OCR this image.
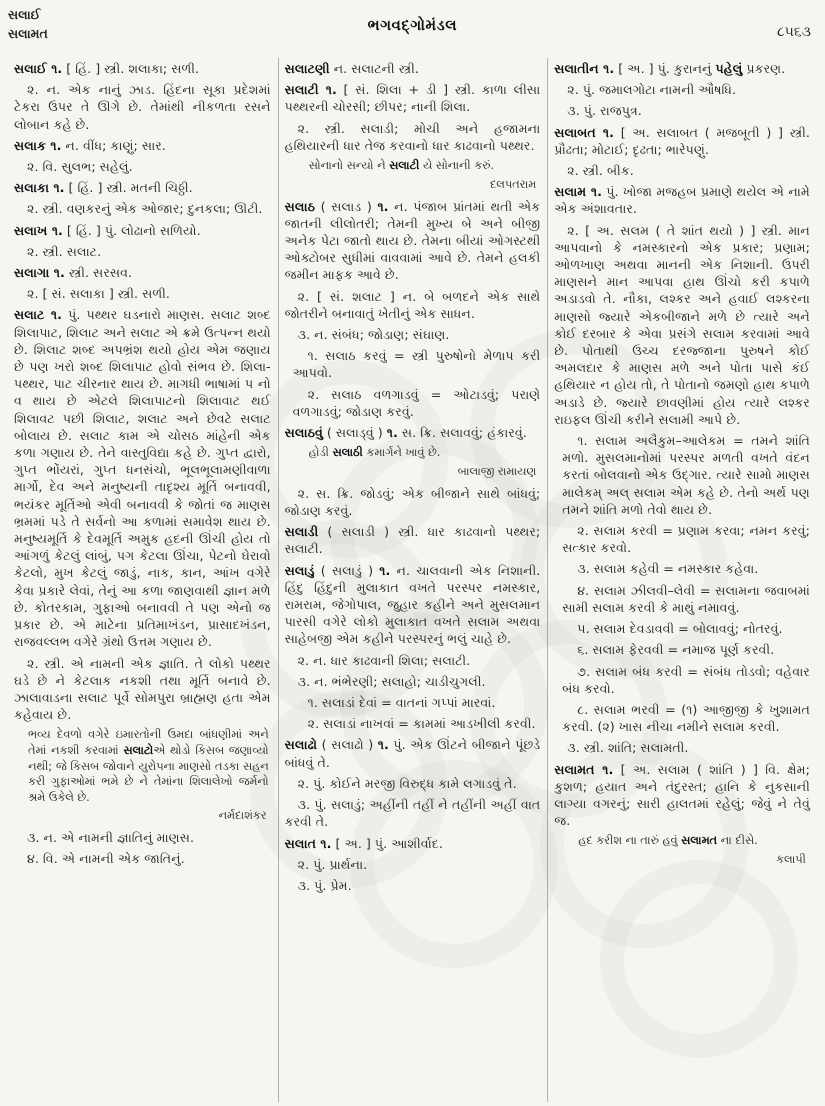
સલાઈ
સલામત	ભગવદ્ગોમંડલ	૮૫૬૩

સલાઈ ૧. [ હિં. ] સ્ત્રી. શલાકા; સળી.

૨. ન. એક નાનું ઝાડ. હિંદના સૂકા પ્રદેશમાં ટેકરા ઉપર તે ઊગે છે. તેમાંથી નીકળતા રસને લોબાન કહે છે.

સલાક ૧. ન. વીંધ; કાણું; સાર.

૨. વિ. સુલભ; સહેલું.

સલાકા ૧. [ હિં. ] સ્ત્રી. મતની ચિઠ્ઠી.

૨. સ્ત્રી. વણકરનું એક ઓજાર; દુનકલા; ઊટી.

સલાખ ૧. [ હિં. ] પું. લોઢાનો સળિયો.

૨. સ્ત્રી. સલાટ.

સલાગા ૧. સ્ત્રી. સરસવ.

૨. [ સં. સલાકા ] સ્ત્રી. સળી.

સલાટ ૧. પું. પથ્થર ઘડનારો માણસ. સલાટ શબ્દ શિલાપાટ, શિલાટ અને સલાટ એ ક્રમે ઉત્પન્ન થયો છે. શિલાટ શબ્દ અપભ્રંશ થયો હોય એમ જણાય છે પણ ખરો શબ્દ શિલાપાટ હોવો સંભવ છે. શિલા-પથ્થર, પાટ ચીરનાર થાય છે. માગધી ભાષામાં પ નો વ થાય છે એટલે શિલાપાટનો શિલાવાટ થઈ શિલાવટ પછી શિલાટ, શલાટ અને છેવટે સલાટ બોલાય છે. સલાટ કામ એ ચોસઠ માંહેની એક કળા ગણાય છે. તેને વાસ્તુવિદ્યા કહે છે. ગુપ્ત દ્વારો, ગુપ્ત ભોંયરાં, ગુપ્ત ધનસંચો, ભૂલભૂલામણીવાળા માર્ગો, દેવ અને મનુષ્યની તાદૃશ્ય મૂર્તિ બનાવવી, ભયંકર મૂર્તિઓ એવી બનાવવી કે જોતાં જ માણસ ભ્રમમાં પડે તે સર્વનો આ કળામાં સમાવેશ થાય છે. મનુષ્યમૂર્તિ કે દેવમૂર્તિ અમુક હદની ઊંચી હોય તો આંગળું કેટલું લાંબું, પગ કેટલા ઊંચા, પેટનો ઘેરાવો કેટલો, મુખ કેટલું જાડું, નાક, કાન, આંખ વગેરે કેવા પ્રકારે લેવાં, તેનું આ કળા જાણવાથી જ્ઞાન મળે છે. કોતરકામ, ગુફાઓ બનાવવી તે પણ એનો જ પ્રકાર છે. એ માટેના પ્રતિમાખંડન, પ્રાસાદખંડન, રાજવલ્લભ વગેરે ગ્રંથો ઉત્તમ ગણાય છે.

૨. સ્ત્રી. એ નામની એક જ્ઞાતિ. તે લોકો પથ્થર ઘડે છે ને કેટલાક નકશી તથા મૂર્તિ બનાવે છે. ઝાલાવાડના સલાટ પૂર્વે સોમપુરા બ્રાહ્મણ હતા એમ કહેવાય છે.

ભવ્ય દેવળો વગેરે ઇમારતોની ઉમદા બાંધણીમાં અને તેમાં નકશી કરવામાં સલાટોએ થોડો કિસબ જણાવ્યો નથી; જે કિસબ જોવાને યુરોપના માણસો તડકા સહન કરી ગુફાઓમાં ભમે છે ને તેમાંના શિલાલેખો જર્મનો શ્રમે ઉકેલે છે.

નર્મદાશંકર

૩. ન. એ નામની જ્ઞાતિનું માણસ.

૪. વિ. એ નામની એક જાતિનું.

સલાટણી ન. સલાટની સ્ત્રી.

સલાટી ૧. [ સં. શિલા + ડી ] સ્ત્રી. કાળા લીસા પથ્થરની ચોરસી; છીપર; નાની શિલા.

૨. સ્ત્રી. સલાડી; મોચી અને હજામના હથિયારની ધાર તેજ કરવાનો ધાર કાઢવાનો પથ્થર.

સોનાનો સન્યો ને સલાટી યે સોનાની કરું.

દલપતરામ

સલાઠ ( સલાડ ) ૧. ન. પંજાબ પ્રાંતમાં થતી એક જાતની લીલોતરી; તેમની મુખ્ય બે અને બીજી અનેક પેટા જાતો થાય છે. તેમના બીયાં ઓગસ્ટથી ઓક્ટોબર સુધીમાં વાવવામાં આવે છે. તેમને હલકી જમીન માફક આવે છે.

૨. [ સં. શલાટ ] ન. બે બળદને એક સાથે જોતરીને બનાવાતું ખેતીનું એક સાધન.

૩. ન. સંબંધ; જોડાણ; સંઘાણ.

૧. સલાઠ કરવું = સ્ત્રી પુરુષોનો મેળાપ કરી આપવો.

૨. સલાઠ વળગાડવું = ઓટાડવું; પરાણે વળગાડવું; જોડાણ કરવું.

સલાઠવું ( સલાડ્વું ) ૧. સ. ક્રિ. સલાવવું; હંકારવું.

હોડી સલાઠી કમાર્ગને ખાવું છે.

બાલાજી રામાયણ

૨. સ. ક્રિ. જોડવું; એક બીજાને સાથે બાંધવું; જોડાણ કરવું.

સલાડી ( સલાડી ) સ્ત્રી. ધાર કાઢવાનો પથ્થર; સલાટી.

સલાડું ( સલાડું ) ૧. ન. ચાલવાની એક નિશાની. હિંદુ હિંદુની મુલાકાત વખતે પરસ્પર નમસ્કાર, રામરામ, જેગોપાલ, જુહાર કહીને અને મુસલમાન પારસી વગેરે લોકો મુલાકાત વખતે સલામ અથવા સાહેબજી એમ કહીને પરસ્પરનું ભલું ચાહે છે.

૨. ન. ધાર કાઢવાની શિલા; સલાટી.

૩. ન. ભંભેરણી; સલાહો; ચાડીચુગલી.

૧. સલાડાં દેવાં = વાતનાં ગપ્પાં મારવાં.

૨. સલાડાં નાખવાં = કામમાં આડખીલી કરવી.

સલાઢો ( સલાઢો ) ૧. પું. એક ઊંટને બીજાને પૂંછડે બાંધવું તે.

૨. પું. કોઈને મરજી વિરુદ્ધ કામે લગાડવું તે.

૩. પું. સલાડું; અહીંની તહીં ને તહીંની અહીં વાત કરવી તે.

સલાત ૧. [ અ. ] પું. આશીર્વાદ.

૨. પું. પ્રાર્થના.

૩. પું. પ્રેમ.

સલાતીન ૧. [ અ. ] પું. કુરાનનું પહેલું પ્રકરણ.

૨. પું. જમાલગોટા નામની ઔષધિ.

૩. પું. રાજપુત્ર.

સલાબત ૧. [ અ. સલાબત ( મજબૂતી ) ] સ્ત્રી. પ્રૌઢતા; મોટાઈ; દૃઢતા; ભારેપણું.

૨. સ્ત્રી. બીક.

સલામ ૧. પું. ખોજા મજહબ પ્રમાણે થયેલ એ નામે એક અંશાવતાર.

૨. [ અ. સલમ ( તે શાંત થયો ) ] સ્ત્રી. માન આપવાનો કે નમસ્કારનો એક પ્રકાર; પ્રણામ; ઓળખાણ અથવા માનની એક નિશાની. ઉપરી માણસને માન આપવા હાથ ઊંચો કરી કપાળે અડાડવો તે. નૌકા, લશ્કર અને હવાઈ લશ્કરના માણસો જ્યારે એકબીજાને મળે છે ત્યારે અને કોઈ દરબાર કે એવા પ્રસંગે સલામ કરવામાં આવે છે. પોતાથી ઉચ્ચ દરજ્જાના પુરુષને કોઈ અમલદાર કે માણસ મળે અને પોતા પાસે કંઈ હથિયાર ન હોય તો, તે પોતાનો જમણો હાથ કપાળે અડાડે છે. જ્યારે છાવણીમાં હોય ત્યારે લશ્કર રાઇફલ ઊંચી કરીને સલામી આપે છે.

૧. સલામ અલૈકુમ–આલેકમ = તમને શાંતિ મળો. મુસલમાનોમાં પરસ્પર મળતી વખતે વંદન કરતાં બોલવાનો એક ઉદ્ગાર. ત્યારે સામો માણસ માલેકમ્ અલ્ સલામ એમ કહે છે. તેનો અર્થ પણ તમને શાંતિ મળો તેવો થાય છે.

૨. સલામ કરવી = પ્રણામ કરવા; નમન કરવું; સત્કાર કરવો.

૩. સલામ કહેવી = નમસ્કાર કહેવા.

૪. સલામ ઝીલવી–લેવી = સલામના જવાબમાં સામી સલામ કરવી કે માથું નમાવવું.

૫. સલામ દેવડાવવી = બોલાવવું; નોતરવું.

૬. સલામ ફેરવવી = નમાજ પૂર્ણ કરવી.

૭. સલામ બંધ કરવી = સંબંધ તોડવો; વહેવાર બંધ કરવો.

૮. સલામ ભરવી = (૧) આજીજી કે ખુશામત કરવી. (૨) ખાસ નીચા નમીને સલામ કરવી.

૩. સ્ત્રી. શાંતિ; સલામતી.

સલામત ૧. [ અ. સલામ ( શાંતિ ) ] વિ. ક્ષેમ; કુશળ; હયાત અને તંદુરસ્ત; હાનિ કે નુકસાની લાગ્યા વગરનું; સારી હાલતમાં રહેલું; જેવું ને તેવું જ.

હદ કરીશ ના તારું હવું સલામત ના દીસે.

કલાપી
